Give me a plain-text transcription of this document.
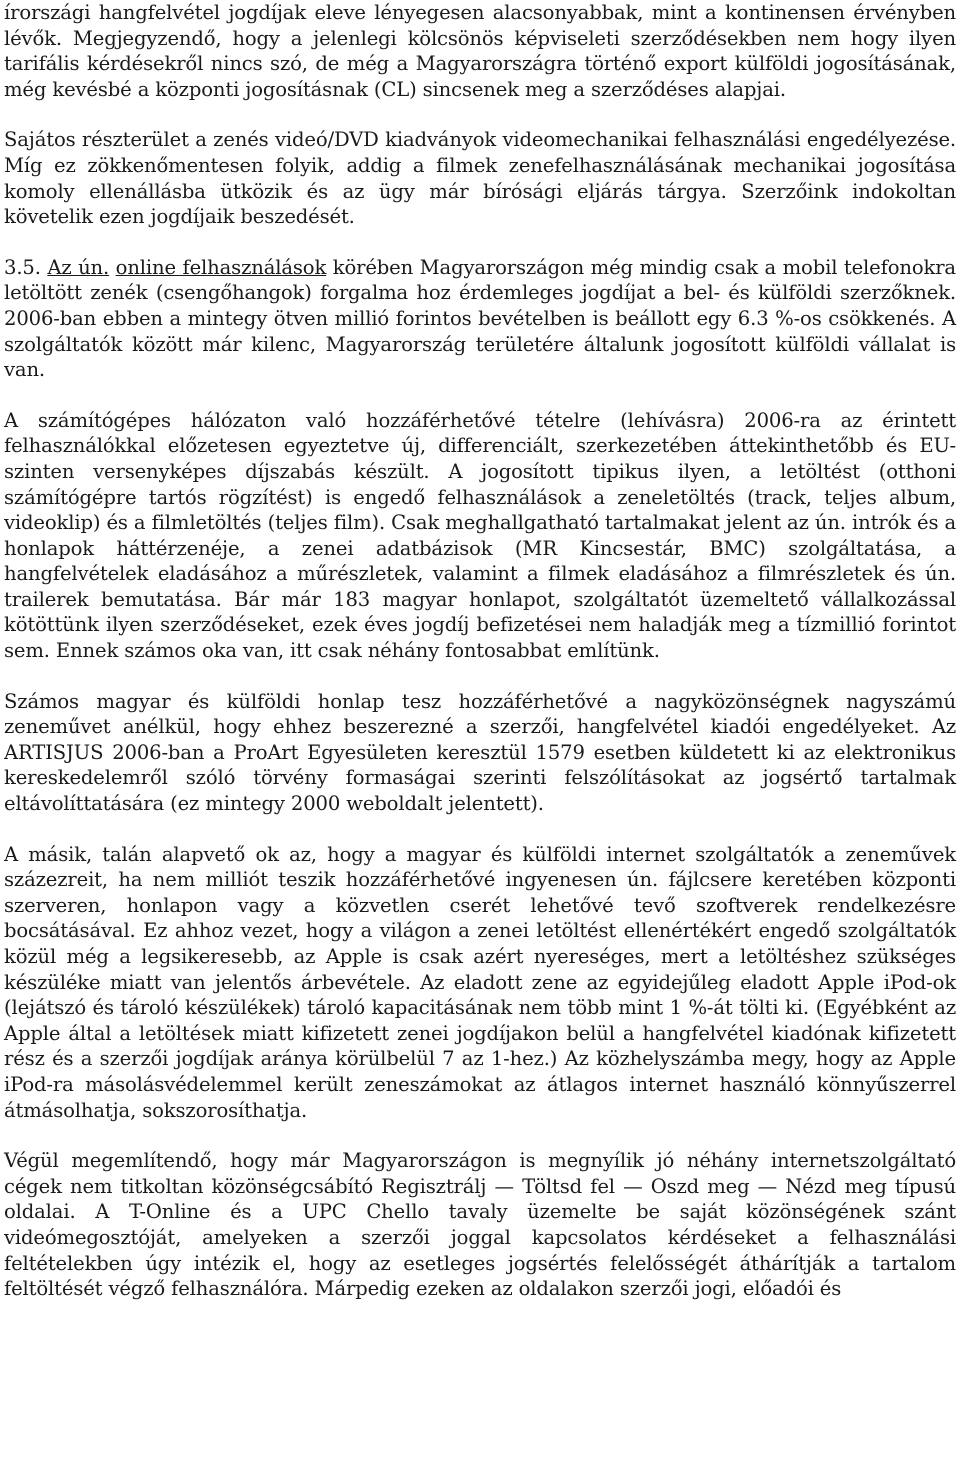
írországi hangfelvétel jogdíjak eleve lényegesen alacsonyabbak, mint a kontinensen érvényben lévők. Megjegyzendő, hogy a jelenlegi kölcsönös képviseleti szerződésekben nem hogy ilyen tarifális kérdésekről nincs szó, de még a Magyarországra történő export külföldi jogosításának, még kevésbé a központi jogosításnak (CL) sincsenek meg a szerződéses alapjai.

Sajátos részterület a zenés videó/DVD kiadványok videomechanikai felhasználási engedélyezése. Míg ez zökkenőmentesen folyik, addig a filmek zenefelhasználásának mechanikai jogosítása komoly ellenállásba ütközik és az ügy már bírósági eljárás tárgya. Szerzőink indokoltan követelik ezen jogdíjaik beszedését.

3.5. Az ún. online felhasználások körében Magyarországon még mindig csak a mobil telefonokra letöltött zenék (csengőhangok) forgalma hoz érdemleges jogdíjat a bel- és külföldi szerzőknek. 2006-ban ebben a mintegy ötven millió forintos bevételben is beállott egy 6.3 %-os csökkenés. A szolgáltatók között már kilenc, Magyarország területére általunk jogosított külföldi vállalat is van.

A számítógépes hálózaton való hozzáférhetővé tételre (lehívásra) 2006-ra az érintett felhasználókkal előzetesen egyeztetve új, differenciált, szerkezetében áttekinthetőbb és EU-szinten versenyképes díjszabás készült. A jogosított tipikus ilyen, a letöltést (otthoni számítógépre tartós rögzítést) is engedő felhasználások a zeneletöltés (track, teljes album, videoklip) és a filmletöltés (teljes film). Csak meghallgatható tartalmakat jelent az ún. intrók és a honlapok háttérzenéje, a zenei adatbázisok (MR Kincsestár, BMC) szolgáltatása, a hangfelvételek eladásához a műrészletek, valamint a filmek eladásához a filmrészletek és ún. trailerek bemutatása. Bár már 183 magyar honlapot, szolgáltatót üzemeltető vállalkozással kötöttünk ilyen szerződéseket, ezek éves jogdíj befizetései nem haladják meg a tízmillió forintot sem. Ennek számos oka van, itt csak néhány fontosabbat említünk.

Számos magyar és külföldi honlap tesz hozzáférhetővé a nagyközönségnek nagyszámú zeneművet anélkül, hogy ehhez beszerezné a szerzői, hangfelvétel kiadói engedélyeket. Az ARTISJUS 2006-ban a ProArt Egyesületen keresztül 1579 esetben küldetett ki az elektronikus kereskedelemről szóló törvény formaságai szerinti felszólításokat az jogsértő tartalmak eltávolíttatására (ez mintegy 2000 weboldalt jelentett).

A másik, talán alapvető ok az, hogy a magyar és külföldi internet szolgáltatók a zeneművek százezreit, ha nem milliót teszik hozzáférhetővé ingyenesen ún. fájlcsere keretében központi szerveren, honlapon vagy a közvetlen cserét lehetővé tevő szoftverek rendelkezésre bocsátásával. Ez ahhoz vezet, hogy a világon a zenei letöltést ellenértékért engedő szolgáltatók közül még a legsikeresebb, az Apple is csak azért nyereséges, mert a letöltéshez szükséges készüléke miatt van jelentős árbevétele. Az eladott zene az egyidejűleg eladott Apple iPod-ok (lejátszó és tároló készülékek) tároló kapacitásának nem több mint 1 %-át tölti ki. (Egyébként az Apple által a letöltések miatt kifizetett zenei jogdíjakon belül a hangfelvétel kiadónak kifizetett rész és a szerzői jogdíjak aránya körülbelül 7 az 1-hez.) Az közhelyszámba megy, hogy az Apple iPod-ra másolásvédelemmel került zeneszámokat az átlagos internet használó könnyűszerrel átmásolhatja, sokszorosíthatja.

Végül megemlítendő, hogy már Magyarországon is megnyílik jó néhány internetszolgáltató cégek nem titkoltan közönségcsábító Regisztrálj — Töltsd fel — Oszd meg — Nézd meg típusú oldalai. A T-Online és a UPC Chello tavaly üzemelte be saját közönségének szánt videómegosztóját, amelyeken a szerzői joggal kapcsolatos kérdéseket a felhasználási feltételekben úgy intézik el, hogy az esetleges jogsértés felelősségét áthárítják a tartalom feltöltését végző felhasználóra. Márpedig ezeken az oldalakon szerzői jogi, előadói és
